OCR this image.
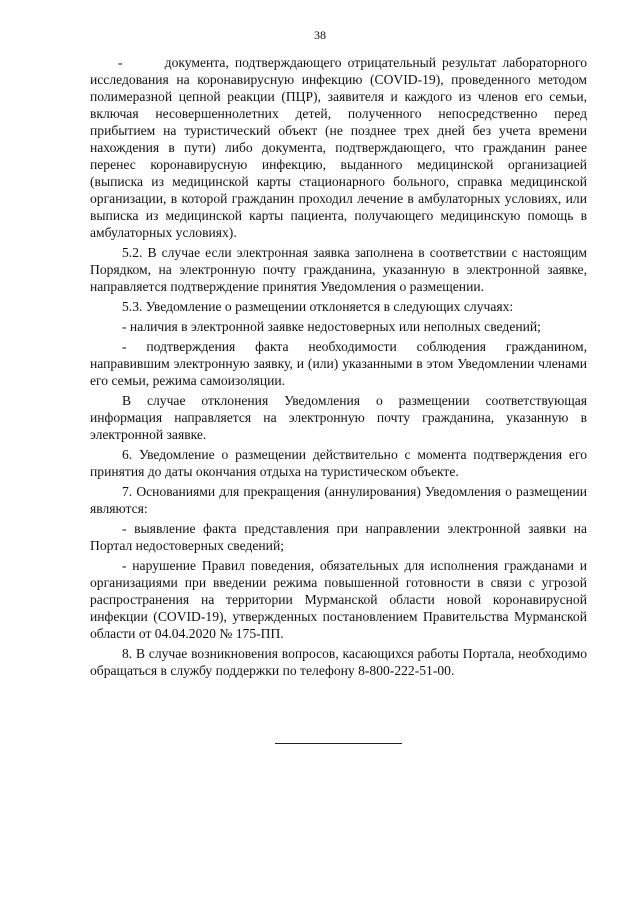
38

-       документа, подтверждающего отрицательный результат лабораторного исследования на коронавирусную инфекцию (COVID-19), проведенного методом полимеразной цепной реакции (ПЦР), заявителя и каждого из членов его семьи, включая несовершеннолетних детей, полученного непосредственно перед прибытием на туристический объект (не позднее трех дней без учета времени нахождения в пути) либо документа, подтверждающего, что гражданин ранее перенес коронавирусную инфекцию, выданного медицинской организацией (выписка из медицинской карты стационарного больного, справка медицинской организации, в которой гражданин проходил лечение в амбулаторных условиях, или выписка из медицинской карты пациента, получающего медицинскую помощь в амбулаторных условиях).

5.2. В случае если электронная заявка заполнена в соответствии с настоящим Порядком, на электронную почту гражданина, указанную в электронной заявке, направляется подтверждение принятия Уведомления о размещении.

5.3. Уведомление о размещении отклоняется в следующих случаях:

- наличия в электронной заявке недостоверных или неполных сведений;

- подтверждения факта необходимости соблюдения гражданином, направившим электронную заявку, и (или) указанными в этом Уведомлении членами его семьи, режима самоизоляции.

В случае отклонения Уведомления о размещении соответствующая информация направляется на электронную почту гражданина, указанную в электронной заявке.

6. Уведомление о размещении действительно с момента подтверждения его принятия до даты окончания отдыха на туристическом объекте.

7. Основаниями для прекращения (аннулирования) Уведомления о размещении являются:

- выявление факта представления при направлении электронной заявки на Портал недостоверных сведений;

- нарушение Правил поведения, обязательных для исполнения гражданами и организациями при введении режима повышенной готовности в связи с угрозой распространения на территории Мурманской области новой коронавирусной инфекции (COVID-19), утвержденных постановлением Правительства Мурманской области от 04.04.2020 № 175-ПП.

8. В случае возникновения вопросов, касающихся работы Портала, необходимо обращаться в службу поддержки по телефону 8-800-222-51-00.
